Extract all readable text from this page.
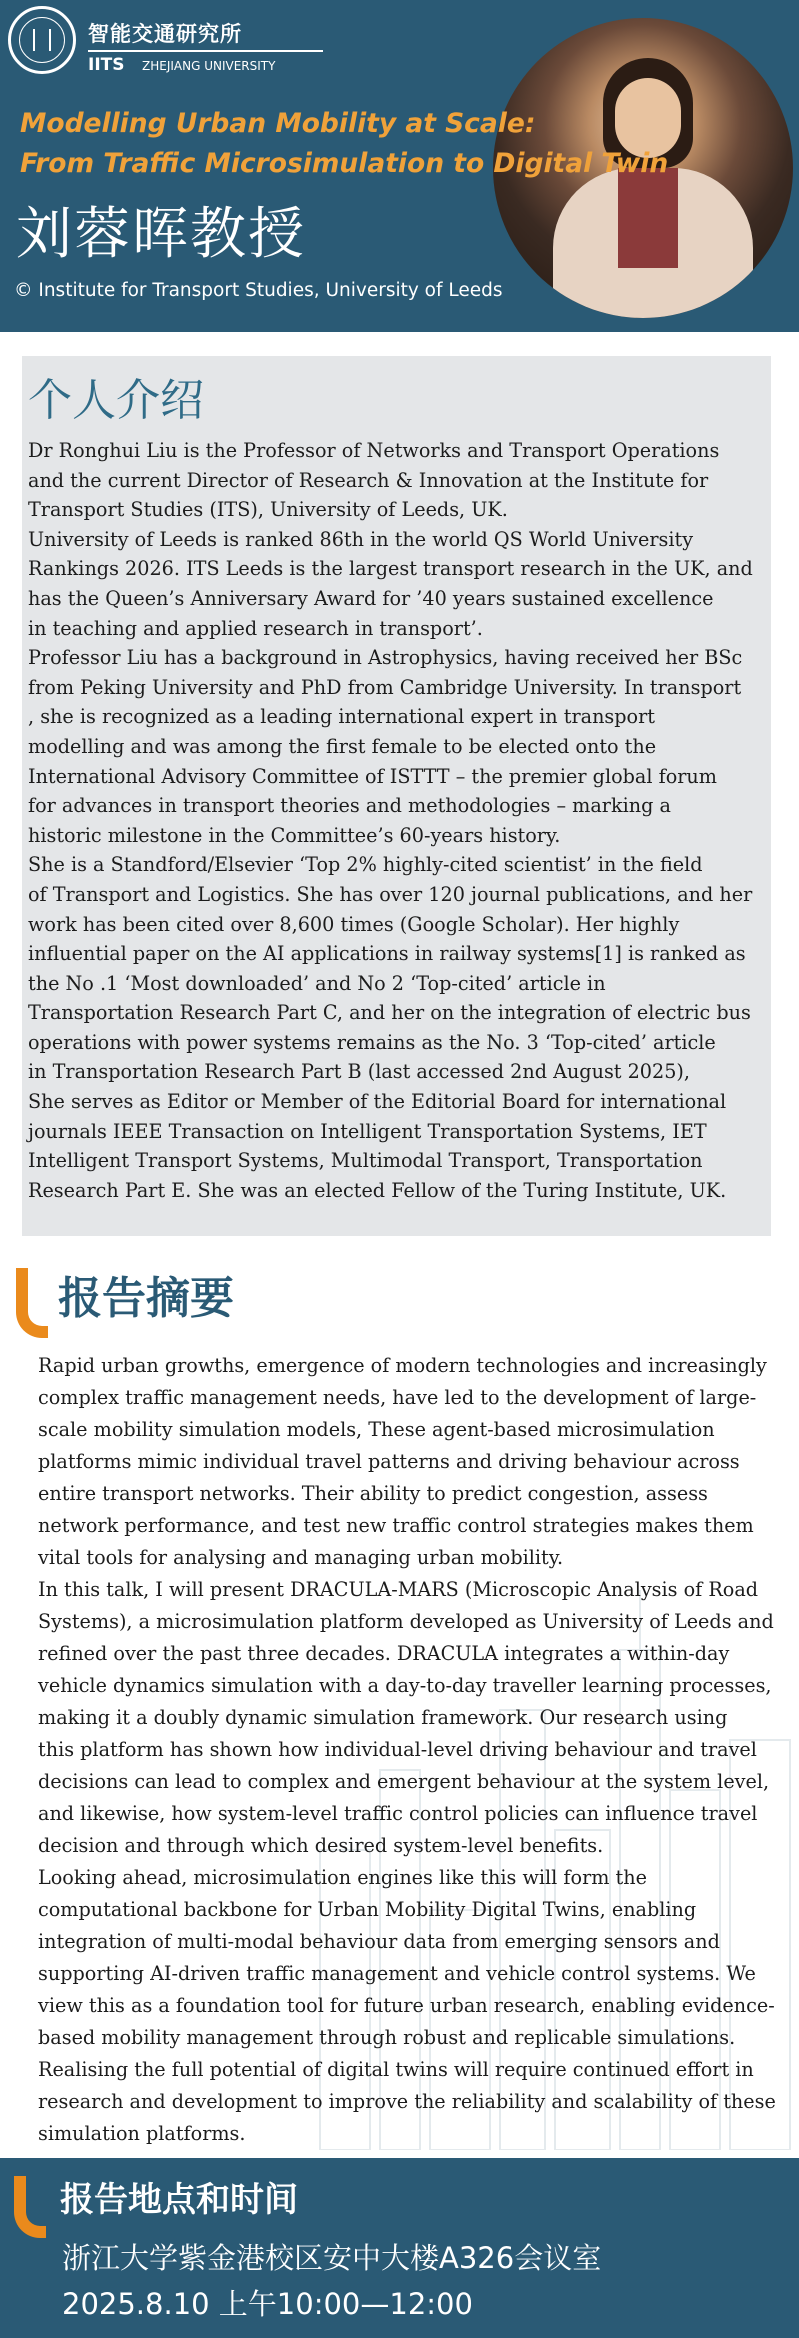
智能交通研究所
IITS ZHEJIANG UNIVERSITY
Modelling Urban Mobility at Scale:
From Traffic Microsimulation to Digital Twin
刘蓉晖教授
© Institute for Transport Studies, University of Leeds
个人介绍
Dr Ronghui Liu is the Professor of Networks and Transport Operations
and the current Director of Research & Innovation at the Institute for
Transport Studies (ITS), University of Leeds, UK.
University of Leeds is ranked 86th in the world QS World University
Rankings 2026. ITS Leeds is the largest transport research in the UK, and
has the Queen’s Anniversary Award for ’40 years sustained excellence
in teaching and applied research in transport’.
Professor Liu has a background in Astrophysics, having received her BSc
from Peking University and PhD from Cambridge University. In transport
, she is recognized as a leading international expert in transport
modelling and was among the first female to be elected onto the
International Advisory Committee of ISTTT – the premier global forum
for advances in transport theories and methodologies – marking a
historic milestone in the Committee’s 60-years history.
She is a Standford/Elsevier ‘Top 2% highly-cited scientist’ in the field
of Transport and Logistics. She has over 120 journal publications, and her
work has been cited over 8,600 times (Google Scholar). Her highly
influential paper on the AI applications in railway systems[1] is ranked as
the No .1 ‘Most downloaded’ and No 2 ‘Top-cited’ article in
Transportation Research Part C, and her on the integration of electric bus
operations with power systems remains as the No. 3 ‘Top-cited’ article
in Transportation Research Part B (last accessed 2nd August 2025),
She serves as Editor or Member of the Editorial Board for international
journals IEEE Transaction on Intelligent Transportation Systems, IET
Intelligent Transport Systems, Multimodal Transport, Transportation
Research Part E. She was an elected Fellow of the Turing Institute, UK.
报告摘要
Rapid urban growths, emergence of modern technologies and increasingly
complex traffic management needs, have led to the development of large-
scale mobility simulation models, These agent-based microsimulation
platforms mimic individual travel patterns and driving behaviour across
entire transport networks. Their ability to predict congestion, assess
network performance, and test new traffic control strategies makes them
vital tools for analysing and managing urban mobility.
In this talk, I will present DRACULA-MARS (Microscopic Analysis of Road
Systems), a microsimulation platform developed as University of Leeds and
refined over the past three decades. DRACULA integrates a within-day
vehicle dynamics simulation with a day-to-day traveller learning processes,
making it a doubly dynamic simulation framework. Our research using
this platform has shown how individual-level driving behaviour and travel
decisions can lead to complex and emergent behaviour at the system level,
and likewise, how system-level traffic control policies can influence travel
decision and through which desired system-level benefits.
Looking ahead, microsimulation engines like this will form the
computational backbone for Urban Mobility Digital Twins, enabling
integration of multi-modal behaviour data from emerging sensors and
supporting AI-driven traffic management and vehicle control systems. We
view this as a foundation tool for future urban research, enabling evidence-
based mobility management through robust and replicable simulations.
Realising the full potential of digital twins will require continued effort in
research and development to improve the reliability and scalability of these
simulation platforms.
报告地点和时间
浙江大学紫金港校区安中大楼A326会议室
2025.8.10 上午10:00—12:00
